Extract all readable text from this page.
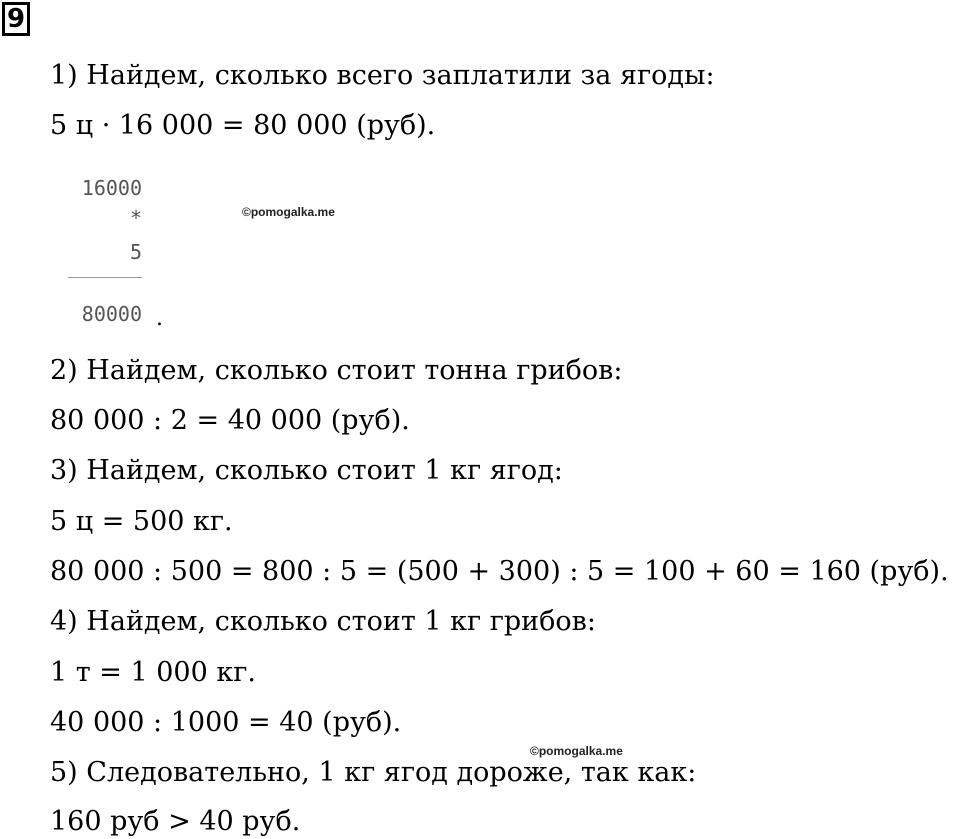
9
1) Найдем, сколько всего заплатили за ягоды:
5 ц · 16 000 = 80 000 (руб).
16000
*
5
80000 .
©pomogalka.me
2) Найдем, сколько стоит тонна грибов:
80 000 : 2 = 40 000 (руб).
3) Найдем, сколько стоит 1 кг ягод:
5 ц = 500 кг.
80 000 : 500 = 800 : 5 = (500 + 300) : 5 = 100 + 60 = 160 (руб).
4) Найдем, сколько стоит 1 кг грибов:
1 т = 1 000 кг.
40 000 : 1000 = 40 (руб).
©pomogalka.me
5) Следовательно, 1 кг ягод дороже, так как:
160 руб > 40 руб.
